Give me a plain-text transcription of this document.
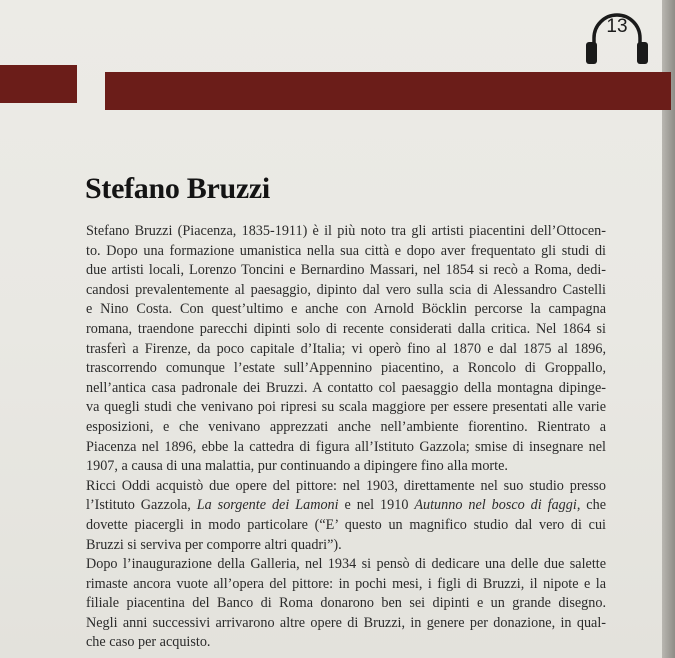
13
Stefano Bruzzi

Stefano Bruzzi (Piacenza, 1835-1911) è il più noto tra gli artisti piacentini dell’Ottocen-
to. Dopo una formazione umanistica nella sua città e dopo aver frequentato gli studi di
due artisti locali, Lorenzo Toncini e Bernardino Massari, nel 1854 si recò a Roma, dedi-
candosi prevalentemente al paesaggio, dipinto dal vero sulla scia di Alessandro Castelli
e Nino Costa. Con quest’ultimo e anche con Arnold Böcklin percorse la campagna
romana, traendone parecchi dipinti solo di recente considerati dalla critica. Nel 1864 si
trasferì a Firenze, da poco capitale d’Italia; vi operò fino al 1870 e dal 1875 al 1896,
trascorrendo comunque l’estate sull’Appennino piacentino, a Roncolo di Groppallo,
nell’antica casa padronale dei Bruzzi. A contatto col paesaggio della montagna dipinge-
va quegli studi che venivano poi ripresi su scala maggiore per essere presentati alle varie
esposizioni, e che venivano apprezzati anche nell’ambiente fiorentino. Rientrato a
Piacenza nel 1896, ebbe la cattedra di figura all’Istituto Gazzola; smise di insegnare nel
1907, a causa di una malattia, pur continuando a dipingere fino alla morte.

Ricci Oddi acquistò due opere del pittore: nel 1903, direttamente nel suo studio presso
l’Istituto Gazzola, La sorgente dei Lamoni e nel 1910 Autunno nel bosco di faggi, che
dovette piacergli in modo particolare (“E’ questo un magnifico studio dal vero di cui
Bruzzi si serviva per comporre altri quadri”).

Dopo l’inaugurazione della Galleria, nel 1934 si pensò di dedicare una delle due salette
rimaste ancora vuote all’opera del pittore: in pochi mesi, i figli di Bruzzi, il nipote e la
filiale piacentina del Banco di Roma donarono ben sei dipinti e un grande disegno.
Negli anni successivi arrivarono altre opere di Bruzzi, in genere per donazione, in qual-
che caso per acquisto.
